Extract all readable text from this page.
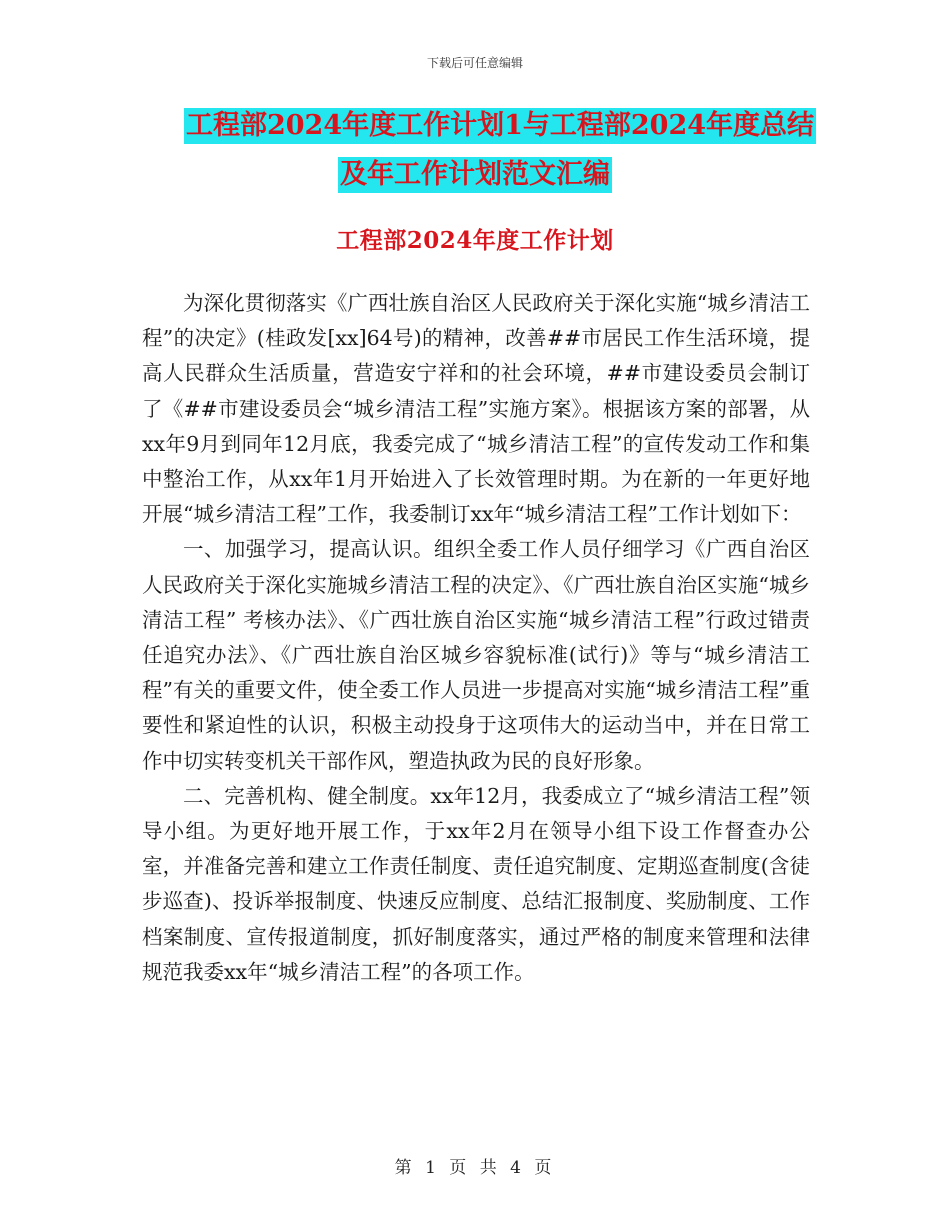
下载后可任意编辑
工程部2024年度工作计划1与工程部2024年度总结
及年工作计划范文汇编
工程部2024年度工作计划

为深化贯彻落实《广西壮族自治区人民政府关于深化实施“城乡清洁工程”的决定》(桂政发[xx]64号)的精神，改善##市居民工作生活环境，提高人民群众生活质量，营造安宁祥和的社会环境，##市建设委员会制订了《##市建设委员会“城乡清洁工程”实施方案》。根据该方案的部署，从xx年9月到同年12月底，我委完成了“城乡清洁工程”的宣传发动工作和集中整治工作，从xx年1月开始进入了长效管理时期。为在新的一年更好地开展“城乡清洁工程”工作，我委制订xx年“城乡清洁工程”工作计划如下：

一、加强学习，提高认识。组织全委工作人员仔细学习《广西自治区人民政府关于深化实施城乡清洁工程的决定》、《广西壮族自治区实施“城乡清洁工程” 考核办法》、《广西壮族自治区实施“城乡清洁工程”行政过错责任追究办法》、《广西壮族自治区城乡容貌标准(试行)》等与“城乡清洁工程”有关的重要文件，使全委工作人员进一步提高对实施“城乡清洁工程”重要性和紧迫性的认识，积极主动投身于这项伟大的运动当中，并在日常工作中切实转变机关干部作风，塑造执政为民的良好形象。

二、完善机构、健全制度。xx年12月，我委成立了“城乡清洁工程”领导小组。为更好地开展工作，于xx年2月在领导小组下设工作督查办公室，并准备完善和建立工作责任制度、责任追究制度、定期巡查制度(含徒步巡查)、投诉举报制度、快速反应制度、总结汇报制度、奖励制度、工作档案制度、宣传报道制度，抓好制度落实，通过严格的制度来管理和法律规范我委xx年“城乡清洁工程”的各项工作。

第 1 页 共 4 页
